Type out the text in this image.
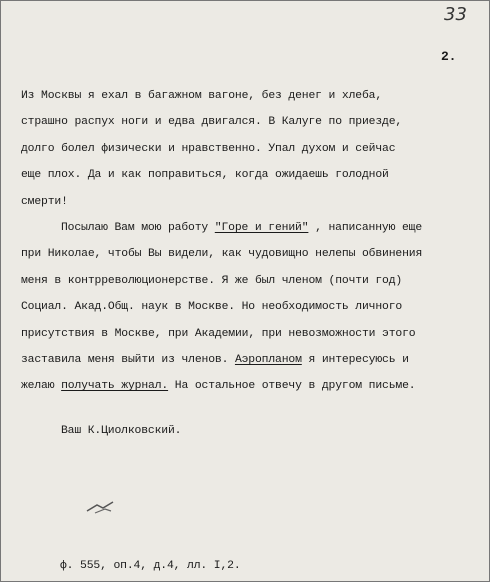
33
2.
Из Москвы я ехал в багажном вагоне, без денег и хлеба,
страшно распух ноги и едва двигался. В Калуге по приезде,
долго болел физически и нравственно. Упал духом и сейчас
еще плох. Да и как поправиться, когда ожидаешь голодной
смерти!
Посылаю Вам мою работу "Горе и гений" , написанную еще
при Николае, чтобы Вы видели, как чудовищно нелепы обвинения
меня в контрреволюционерстве. Я же был членом (почти год)
Социал. Акад.Общ. наук в Москве. Но необходимость личного
присутствия в Москве, при Академии, при невозможности этого
заставила меня выйти из членов. Аэропланом я интересуюсь и
желаю получать журнал. На остальное отвечу в другом письме.
Ваш К.Циолковский.
ф. 555, оп.4, д.4, лл. I,2.
